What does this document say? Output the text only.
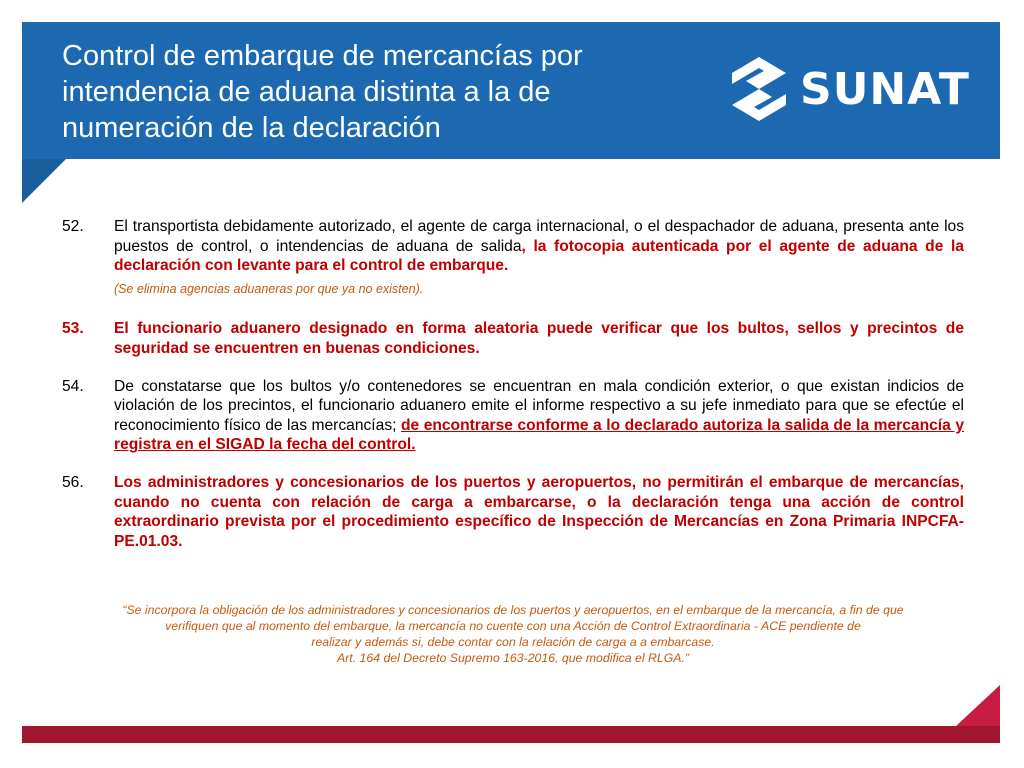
Control de embarque de mercancías por
intendencia de aduana distinta a la de
numeración de la declaración
SUNAT
52.	El transportista debidamente autorizado, el agente de carga internacional, o el despachador de aduana, presenta ante los puestos de control, o intendencias de aduana de salida, la fotocopia autenticada por el agente de aduana de la declaración con levante para el control de embarque.
(Se elimina agencias aduaneras por que ya no existen).
53.	El funcionario aduanero designado en forma aleatoria puede verificar que los bultos, sellos y precintos de seguridad se encuentren en buenas condiciones.
54.	De constatarse que los bultos y/o contenedores se encuentran en mala condición exterior, o que existan indicios de violación de los precintos, el funcionario aduanero emite el informe respectivo a su jefe inmediato para que se efectúe el reconocimiento físico de las mercancías; de encontrarse conforme a lo declarado autoriza la salida de la mercancía y registra en el SIGAD la fecha del control.
56.	Los administradores y concesionarios de los puertos y aeropuertos, no permitirán el embarque de mercancías, cuando no cuenta con relación de carga a embarcarse, o la declaración tenga una acción de control extraordinario prevista por el procedimiento específico de Inspección de Mercancías en Zona Primaria INPCFA-PE.01.03.
“Se incorpora la obligación de los administradores y concesionarios de los puertos y aeropuertos, en el embarque de la mercancía, a fin de que
verifiquen que al momento del embarque, la mercancía no cuente con una Acción de Control Extraordinaria - ACE pendiente de
realizar y además si, debe contar con la relación de carga a a embarcase.
Art. 164 del Decreto Supremo 163-2016, que modifica el RLGA.”
